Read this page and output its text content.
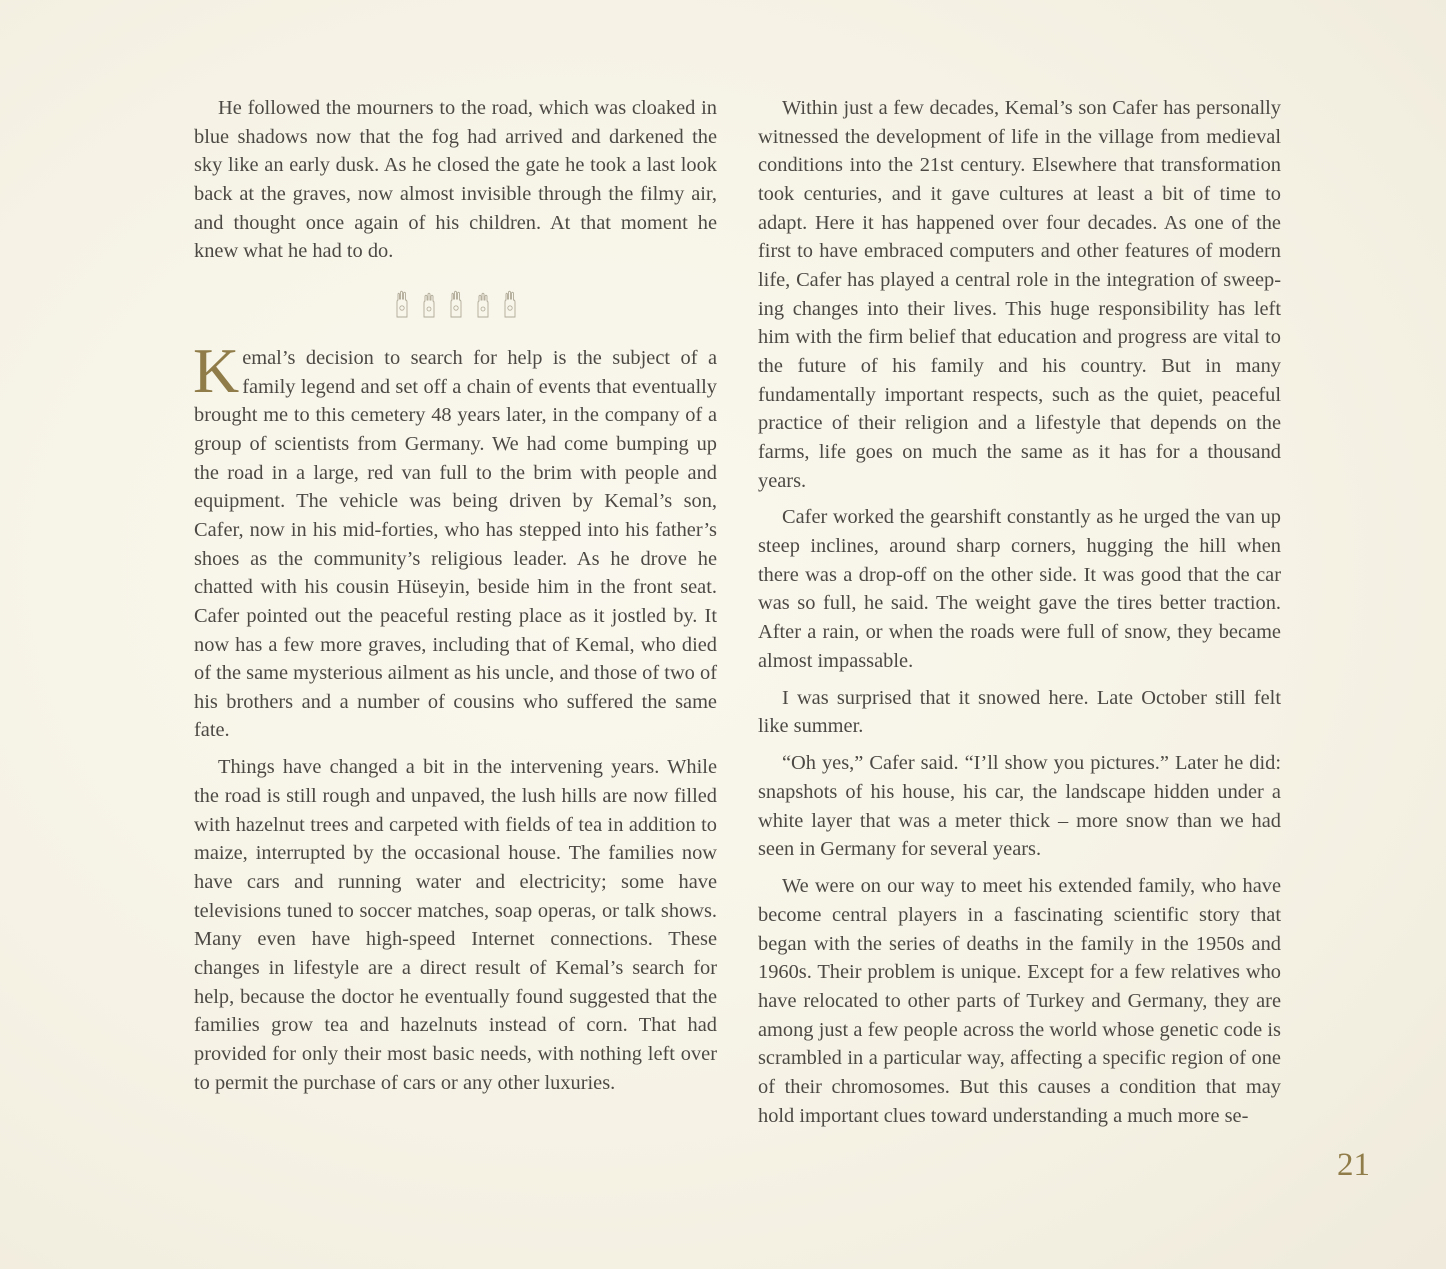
He followed the mourners to the road, which was cloaked in blue shadows now that the fog had arrived and darkened the sky like an early dusk. As he closed the gate he took a last look back at the graves, now almost invisible through the filmy air, and thought once again of his children. At that moment he knew what he had to do.

Kemal’s decision to search for help is the subject of a family legend and set off a chain of events that eventually brought me to this cemetery 48 years later, in the company of a group of scientists from Germany. We had come bumping up the road in a large, red van full to the brim with people and equipment. The vehicle was being driven by Kemal’s son, Cafer, now in his mid-forties, who has stepped into his father’s shoes as the community’s religious leader. As he drove he chatted with his cousin Hüseyin, beside him in the front seat. Cafer pointed out the peaceful resting place as it jostled by. It now has a few more graves, including that of Kemal, who died of the same mysterious ailment as his uncle, and those of two of his brothers and a number of cousins who suffered the same fate.

Things have changed a bit in the intervening years. While the road is still rough and unpaved, the lush hills are now filled with hazelnut trees and carpeted with fields of tea in addition to maize, interrupted by the occasional house. The families now have cars and running water and electricity; some have televisions tuned to soccer matches, soap operas, or talk shows. Many even have high-speed Internet connections. These changes in lifestyle are a direct result of Kemal’s search for help, because the doctor he eventually found suggested that the families grow tea and hazelnuts instead of corn. That had provided for only their most basic needs, with nothing left over to permit the purchase of cars or any other luxuries.

Within just a few decades, Kemal’s son Cafer has personally witnessed the development of life in the village from medieval conditions into the 21st century. Elsewhere that transformation took centuries, and it gave cultures at least a bit of time to adapt. Here it has happened over four decades. As one of the first to have embraced computers and other features of modern life, Cafer has played a central role in the integration of sweeping changes into their lives. This huge responsibility has left him with the firm belief that education and progress are vital to the future of his family and his country. But in many fundamentally important respects, such as the quiet, peaceful practice of their religion and a lifestyle that depends on the farms, life goes on much the same as it has for a thousand years.

Cafer worked the gearshift constantly as he urged the van up steep inclines, around sharp corners, hugging the hill when there was a drop-off on the other side. It was good that the car was so full, he said. The weight gave the tires better traction. After a rain, or when the roads were full of snow, they became almost impassable.

I was surprised that it snowed here. Late October still felt like summer.

“Oh yes,” Cafer said. “I’ll show you pictures.” Later he did: snapshots of his house, his car, the landscape hidden under a white layer that was a meter thick – more snow than we had seen in Germany for several years.

We were on our way to meet his extended family, who have become central players in a fascinating scientific story that began with the series of deaths in the family in the 1950s and 1960s. Their problem is unique. Except for a few relatives who have relocated to other parts of Turkey and Germany, they are among just a few people across the world whose genetic code is scrambled in a particular way, affecting a specific region of one of their chromosomes. But this causes a condition that may hold important clues toward understanding a much more se-

21
